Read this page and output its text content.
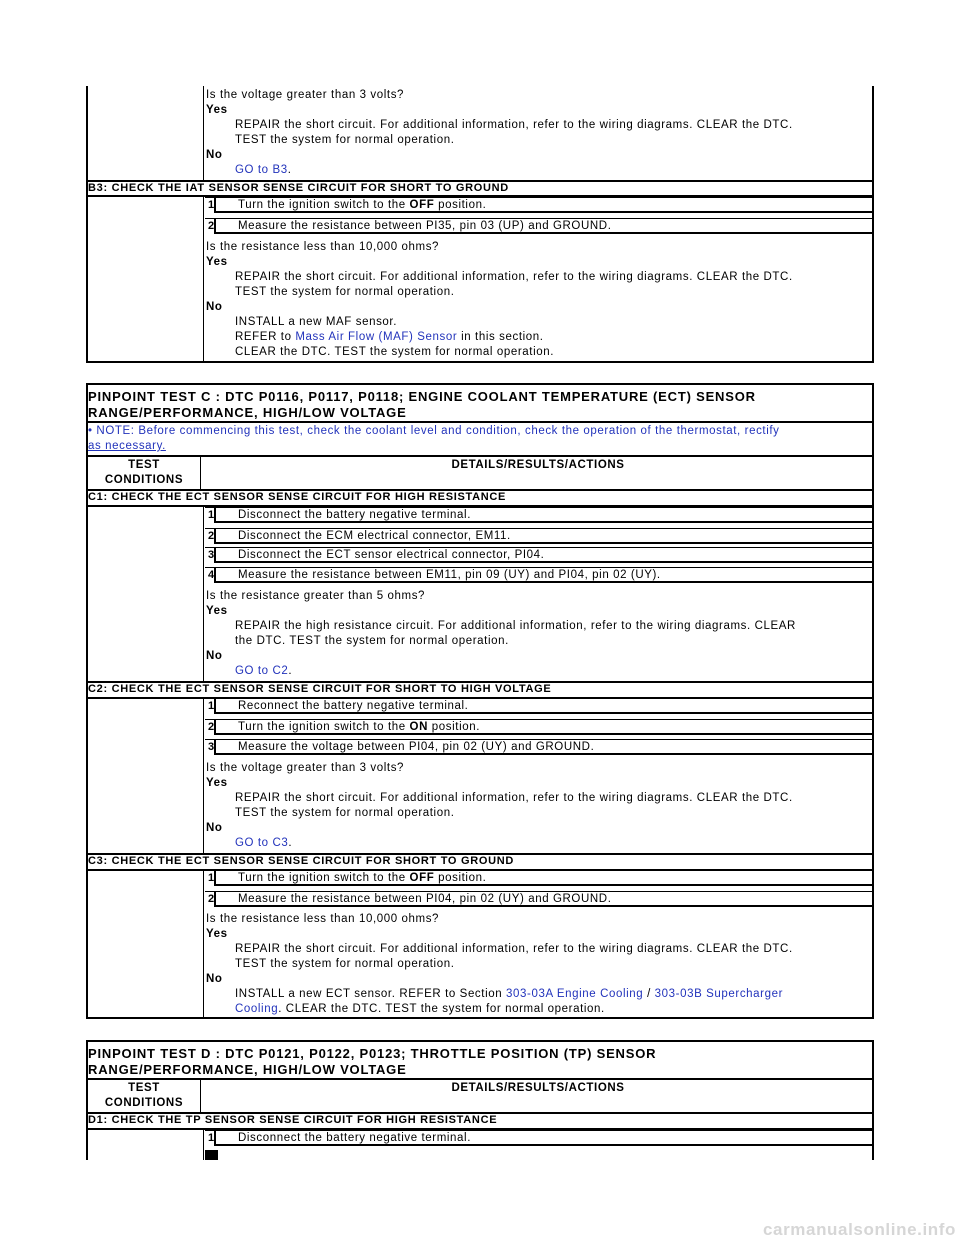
Is the voltage greater than 3 volts?
Yes
REPAIR the short circuit. For additional information, refer to the wiring diagrams. CLEAR the DTC.
TEST the system for normal operation.
No
GO to B3.
B3: CHECK THE IAT SENSOR SENSE CIRCUIT FOR SHORT TO GROUND
1 Turn the ignition switch to the OFF position.
2 Measure the resistance between PI35, pin 03 (UP) and GROUND.
Is the resistance less than 10,000 ohms?
Yes
REPAIR the short circuit. For additional information, refer to the wiring diagrams. CLEAR the DTC.
TEST the system for normal operation.
No
INSTALL a new MAF sensor.
REFER to Mass Air Flow (MAF) Sensor in this section.
CLEAR the DTC. TEST the system for normal operation.
PINPOINT TEST C : DTC P0116, P0117, P0118; ENGINE COOLANT TEMPERATURE (ECT) SENSOR
RANGE/PERFORMANCE, HIGH/LOW VOLTAGE
• NOTE: Before commencing this test, check the coolant level and condition, check the operation of the thermostat, rectify
as necessary.
TEST
CONDITIONS
DETAILS/RESULTS/ACTIONS
C1: CHECK THE ECT SENSOR SENSE CIRCUIT FOR HIGH RESISTANCE
1 Disconnect the battery negative terminal.
2 Disconnect the ECM electrical connector, EM11.
3 Disconnect the ECT sensor electrical connector, PI04.
4 Measure the resistance between EM11, pin 09 (UY) and PI04, pin 02 (UY).
Is the resistance greater than 5 ohms?
Yes
REPAIR the high resistance circuit. For additional information, refer to the wiring diagrams. CLEAR
the DTC. TEST the system for normal operation.
No
GO to C2.
C2: CHECK THE ECT SENSOR SENSE CIRCUIT FOR SHORT TO HIGH VOLTAGE
1 Reconnect the battery negative terminal.
2 Turn the ignition switch to the ON position.
3 Measure the voltage between PI04, pin 02 (UY) and GROUND.
Is the voltage greater than 3 volts?
Yes
REPAIR the short circuit. For additional information, refer to the wiring diagrams. CLEAR the DTC.
TEST the system for normal operation.
No
GO to C3.
C3: CHECK THE ECT SENSOR SENSE CIRCUIT FOR SHORT TO GROUND
1 Turn the ignition switch to the OFF position.
2 Measure the resistance between PI04, pin 02 (UY) and GROUND.
Is the resistance less than 10,000 ohms?
Yes
REPAIR the short circuit. For additional information, refer to the wiring diagrams. CLEAR the DTC.
TEST the system for normal operation.
No
INSTALL a new ECT sensor. REFER to Section 303-03A Engine Cooling / 303-03B Supercharger
Cooling. CLEAR the DTC. TEST the system for normal operation.
PINPOINT TEST D : DTC P0121, P0122, P0123; THROTTLE POSITION (TP) SENSOR
RANGE/PERFORMANCE, HIGH/LOW VOLTAGE
TEST
CONDITIONS
DETAILS/RESULTS/ACTIONS
D1: CHECK THE TP SENSOR SENSE CIRCUIT FOR HIGH RESISTANCE
1 Disconnect the battery negative terminal.
carmanualsonline.info
